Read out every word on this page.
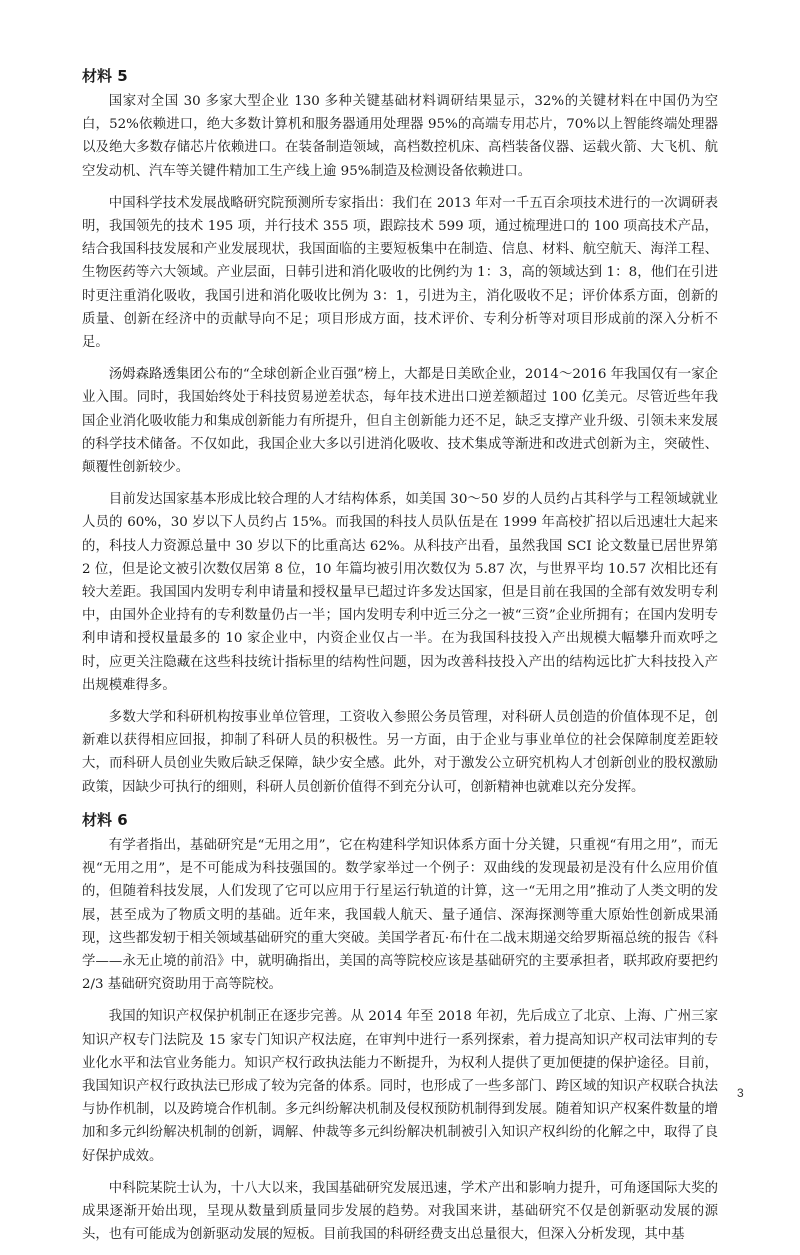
材料 5

国家对全国 30 多家大型企业 130 多种关键基础材料调研结果显示，32%的关键材料在中国仍为空白，52%依赖进口，绝大多数计算机和服务器通用处理器 95%的高端专用芯片，70%以上智能终端处理器以及绝大多数存储芯片依赖进口。在装备制造领域，高档数控机床、高档装备仪器、运载火箭、大飞机、航空发动机、汽车等关键件精加工生产线上逾 95%制造及检测设备依赖进口。

中国科学技术发展战略研究院预测所专家指出：我们在 2013 年对一千五百余项技术进行的一次调研表明，我国领先的技术 195 项，并行技术 355 项，跟踪技术 599 项，通过梳理进口的 100 项高技术产品，结合我国科技发展和产业发展现状，我国面临的主要短板集中在制造、信息、材料、航空航天、海洋工程、生物医药等六大领域。产业层面，日韩引进和消化吸收的比例约为 1：3，高的领域达到 1：8，他们在引进时更注重消化吸收，我国引进和消化吸收比例为 3：1，引进为主，消化吸收不足；评价体系方面，创新的质量、创新在经济中的贡献导向不足；项目形成方面，技术评价、专利分析等对项目形成前的深入分析不足。

汤姆森路透集团公布的“全球创新企业百强”榜上，大都是日美欧企业，2014～2016 年我国仅有一家企业入围。同时，我国始终处于科技贸易逆差状态，每年技术进出口逆差额超过 100 亿美元。尽管近些年我国企业消化吸收能力和集成创新能力有所提升，但自主创新能力还不足，缺乏支撑产业升级、引领未来发展的科学技术储备。不仅如此，我国企业大多以引进消化吸收、技术集成等渐进和改进式创新为主，突破性、颠覆性创新较少。

目前发达国家基本形成比较合理的人才结构体系，如美国 30～50 岁的人员约占其科学与工程领域就业人员的 60%，30 岁以下人员约占 15%。而我国的科技人员队伍是在 1999 年高校扩招以后迅速壮大起来的，科技人力资源总量中 30 岁以下的比重高达 62%。从科技产出看，虽然我国 SCI 论文数量已居世界第 2 位，但是论文被引次数仅居第 8 位，10 年篇均被引用次数仅为 5.87 次，与世界平均 10.57 次相比还有较大差距。我国国内发明专利申请量和授权量早已超过许多发达国家，但是目前在我国的全部有效发明专利中，由国外企业持有的专利数量仍占一半；国内发明专利中近三分之一被“三资”企业所拥有；在国内发明专利申请和授权量最多的 10 家企业中，内资企业仅占一半。在为我国科技投入产出规模大幅攀升而欢呼之时，应更关注隐藏在这些科技统计指标里的结构性问题，因为改善科技投入产出的结构远比扩大科技投入产出规模难得多。

多数大学和科研机构按事业单位管理，工资收入参照公务员管理，对科研人员创造的价值体现不足，创新难以获得相应回报，抑制了科研人员的积极性。另一方面，由于企业与事业单位的社会保障制度差距较大，而科研人员创业失败后缺乏保障，缺少安全感。此外，对于激发公立研究机构人才创新创业的股权激励政策，因缺少可执行的细则，科研人员创新价值得不到充分认可，创新精神也就难以充分发挥。

材料 6

有学者指出，基础研究是“无用之用”，它在构建科学知识体系方面十分关键，只重视“有用之用”，而无视“无用之用”，是不可能成为科技强国的。数学家举过一个例子：双曲线的发现最初是没有什么应用价值的，但随着科技发展，人们发现了它可以应用于行星运行轨道的计算，这一“无用之用”推动了人类文明的发展，甚至成为了物质文明的基础。近年来，我国载人航天、量子通信、深海探测等重大原始性创新成果涌现，这些都发轫于相关领域基础研究的重大突破。美国学者瓦·布什在二战末期递交给罗斯福总统的报告《科学——永无止境的前沿》中，就明确指出，美国的高等院校应该是基础研究的主要承担者，联邦政府要把约 2/3 基础研究资助用于高等院校。

我国的知识产权保护机制正在逐步完善。从 2014 年至 2018 年初，先后成立了北京、上海、广州三家知识产权专门法院及 15 家专门知识产权法庭，在审判中进行一系列探索，着力提高知识产权司法审判的专业化水平和法官业务能力。知识产权行政执法能力不断提升，为权利人提供了更加便捷的保护途径。目前，我国知识产权行政执法已形成了较为完备的体系。同时，也形成了一些多部门、跨区域的知识产权联合执法与协作机制，以及跨境合作机制。多元纠纷解决机制及侵权预防机制得到发展。随着知识产权案件数量的增加和多元纠纷解决机制的创新，调解、仲裁等多元纠纷解决机制被引入知识产权纠纷的化解之中，取得了良好保护成效。

中科院某院士认为，十八大以来，我国基础研究发展迅速，学术产出和影响力提升，可角逐国际大奖的成果逐渐开始出现，呈现从数量到质量同步发展的趋势。对我国来讲，基础研究不仅是创新驱动发展的源头，也有可能成为创新驱动发展的短板。目前我国的科研经费支出总量很大，但深入分析发现，其中基

3
